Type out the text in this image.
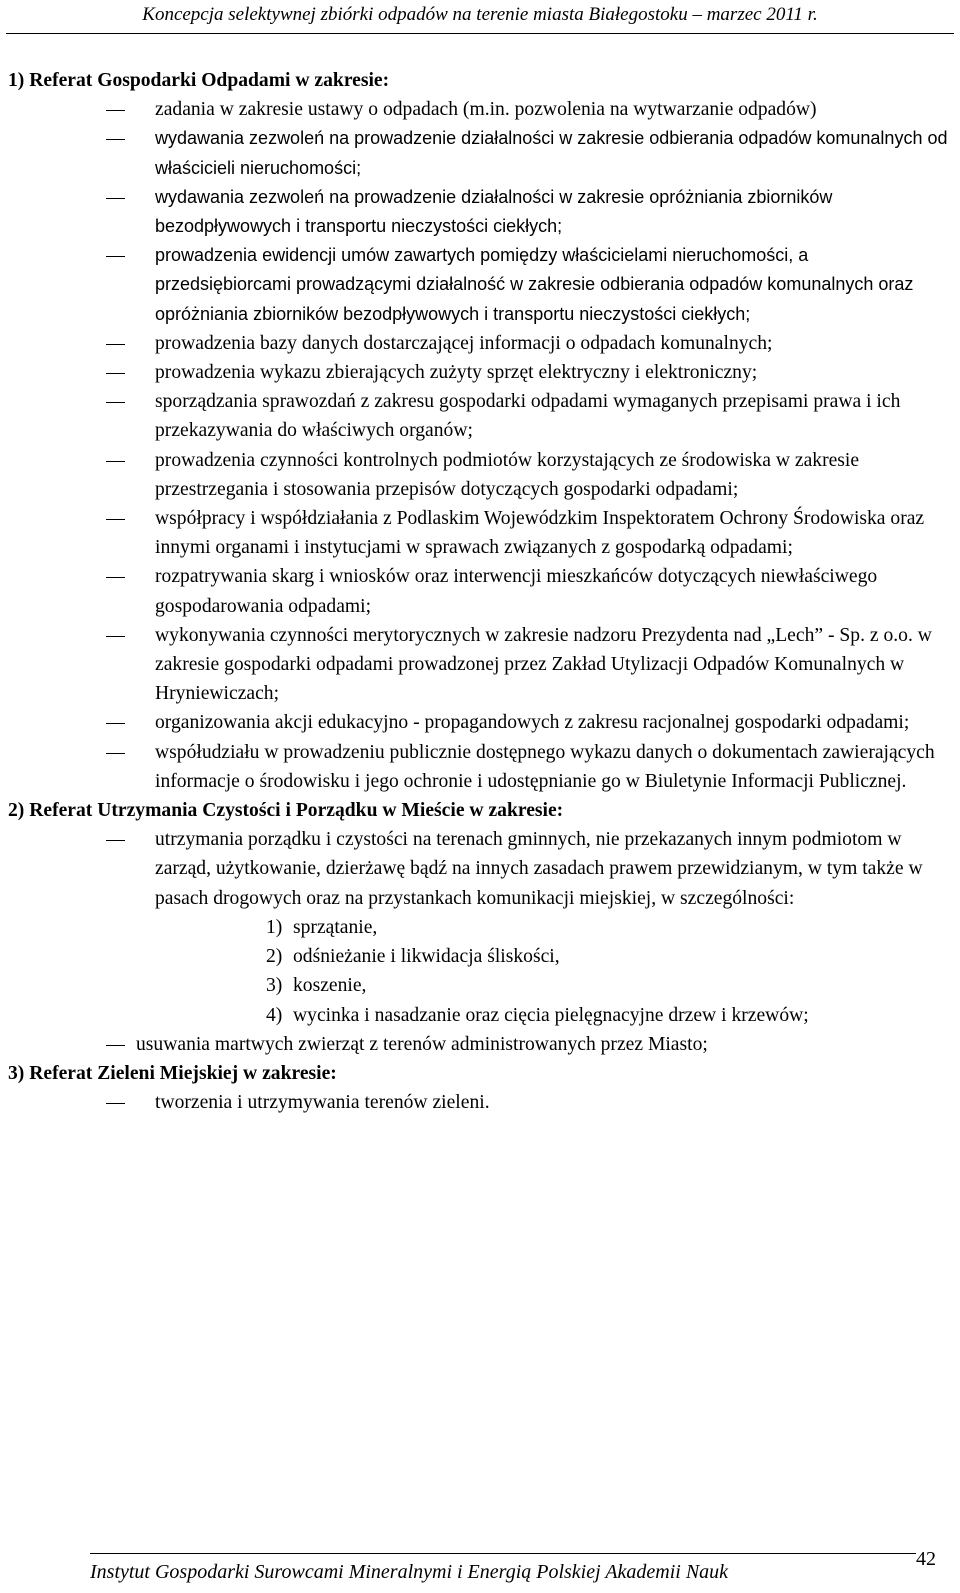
Koncepcja selektywnej zbiórki odpadów na terenie miasta Białegostoku – marzec 2011 r.

1) Referat Gospodarki Odpadami w zakresie:

zadania w zakresie ustawy o odpadach (m.in. pozwolenia na wytwarzanie odpadów)

wydawania zezwoleń na prowadzenie działalności w zakresie odbierania odpadów komunalnych od właścicieli nieruchomości;

wydawania zezwoleń na prowadzenie działalności w zakresie opróżniania zbiorników bezodpływowych i transportu nieczystości ciekłych;

prowadzenia ewidencji umów zawartych pomiędzy właścicielami nieruchomości, a przedsiębiorcami prowadzącymi działalność w zakresie odbierania odpadów komunalnych oraz opróżniania zbiorników bezodpływowych i transportu nieczystości ciekłych;

prowadzenia bazy danych dostarczającej informacji o odpadach komunalnych;

prowadzenia wykazu zbierających zużyty sprzęt elektryczny i elektroniczny;

sporządzania sprawozdań z zakresu gospodarki odpadami wymaganych przepisami prawa i ich przekazywania do właściwych organów;

prowadzenia czynności kontrolnych podmiotów korzystających ze środowiska w zakresie przestrzegania i stosowania przepisów dotyczących gospodarki odpadami;

współpracy i współdziałania z Podlaskim Wojewódzkim Inspektoratem Ochrony Środowiska oraz innymi organami i instytucjami w sprawach związanych z gospodarką odpadami;

rozpatrywania skarg i wniosków oraz interwencji mieszkańców dotyczących niewłaściwego gospodarowania odpadami;

wykonywania czynności merytorycznych w zakresie nadzoru Prezydenta nad „Lech” - Sp. z o.o. w zakresie gospodarki odpadami prowadzonej przez Zakład Utylizacji Odpadów Komunalnych w Hryniewiczach;

organizowania akcji edukacyjno - propagandowych z zakresu racjonalnej gospodarki odpadami;

współudziału w prowadzeniu publicznie dostępnego wykazu danych o dokumentach zawierających informacje o środowisku i jego ochronie i udostępnianie go w Biuletynie Informacji Publicznej.

2) Referat Utrzymania Czystości i Porządku w Mieście w zakresie:

utrzymania porządku i czystości na terenach gminnych, nie przekazanych innym podmiotom w zarząd, użytkowanie, dzierżawę bądź na innych zasadach prawem przewidzianym, w tym także w pasach drogowych oraz na przystankach komunikacji miejskiej, w szczególności:

1) sprzątanie,

2) odśnieżanie i likwidacja śliskości,

3) koszenie,

4) wycinka i nasadzanie oraz cięcia pielęgnacyjne drzew i krzewów;

usuwania martwych zwierząt z terenów administrowanych przez Miasto;

3) Referat Zieleni Miejskiej w zakresie:

tworzenia i utrzymywania terenów zieleni.

Instytut Gospodarki Surowcami Mineralnymi i Energią Polskiej Akademii Nauk
42
